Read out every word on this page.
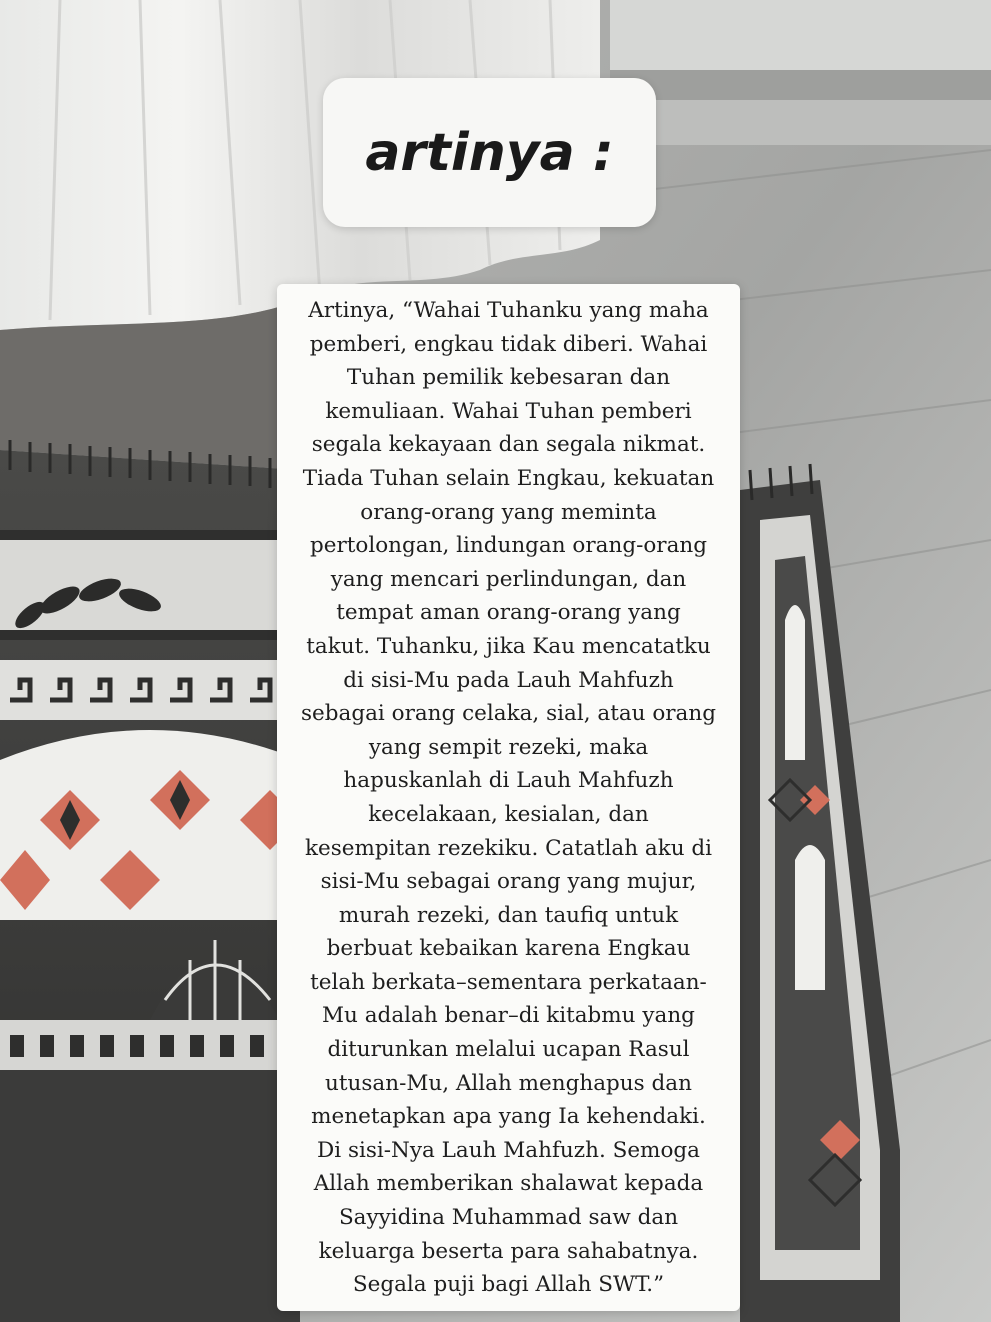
artinya :

Artinya, “Wahai Tuhanku yang maha
pemberi, engkau tidak diberi. Wahai
Tuhan pemilik kebesaran dan
kemuliaan. Wahai Tuhan pemberi
segala kekayaan dan segala nikmat.
Tiada Tuhan selain Engkau, kekuatan
orang-orang yang meminta
pertolongan, lindungan orang-orang
yang mencari perlindungan, dan
tempat aman orang-orang yang
takut. Tuhanku, jika Kau mencatatku
di sisi-Mu pada Lauh Mahfuzh
sebagai orang celaka, sial, atau orang
yang sempit rezeki, maka
hapuskanlah di Lauh Mahfuzh
kecelakaan, kesialan, dan
kesempitan rezekiku. Catatlah aku di
sisi-Mu sebagai orang yang mujur,
murah rezeki, dan taufiq untuk
berbuat kebaikan karena Engkau
telah berkata–sementara perkataan-
Mu adalah benar–di kitabmu yang
diturunkan melalui ucapan Rasul
utusan-Mu, Allah menghapus dan
menetapkan apa yang Ia kehendaki.
Di sisi-Nya Lauh Mahfuzh. Semoga
Allah memberikan shalawat kepada
Sayyidina Muhammad saw dan
keluarga beserta para sahabatnya.
Segala puji bagi Allah SWT.”
